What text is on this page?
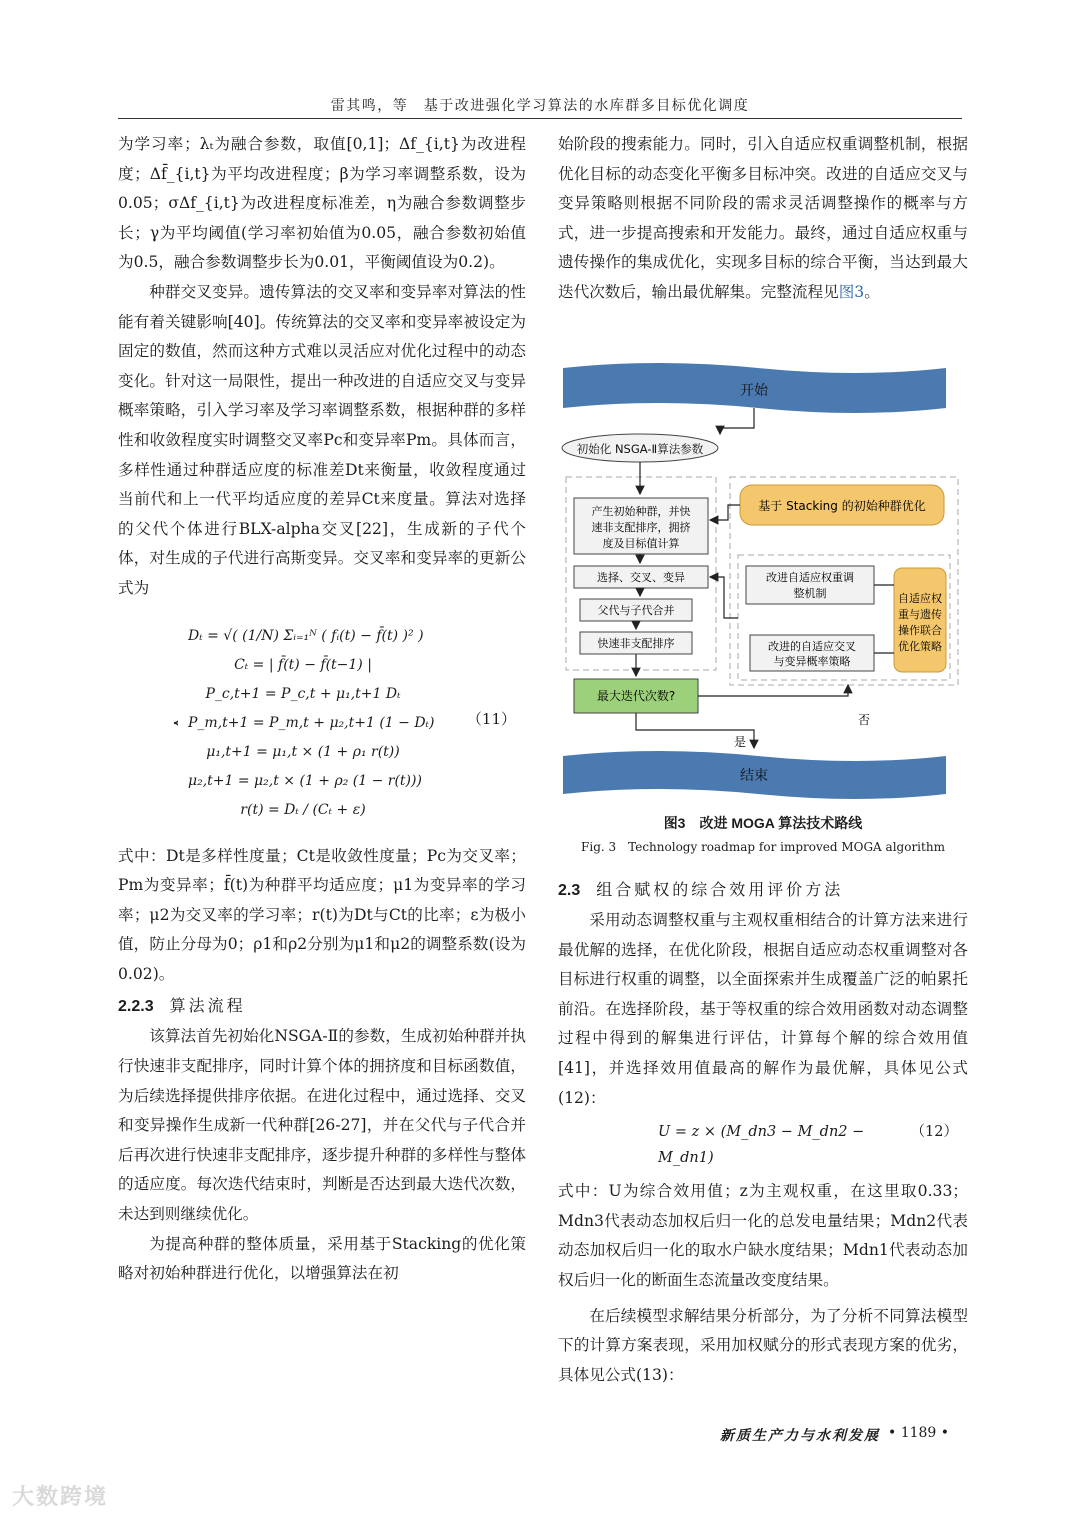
雷其鸣，等　基于改进强化学习算法的水库群多目标优化调度

为学习率；λₜ为融合参数，取值[0,1]；Δf_{i,t}为改进程度；Δf̄_{i,t}为平均改进程度；β为学习率调整系数，设为0.05；σΔf_{i,t}为改进程度标准差，η为融合参数调整步长；γ为平均阈值(学习率初始值为0.05，融合参数初始值为0.5，融合参数调整步长为0.01，平衡阈值设为0.2)。

种群交叉变异。遗传算法的交叉率和变异率对算法的性能有着关键影响[40]。传统算法的交叉率和变异率被设定为固定的数值，然而这种方式难以灵活应对优化过程中的动态变化。针对这一局限性，提出一种改进的自适应交叉与变异概率策略，引入学习率及学习率调整系数，根据种群的多样性和收敛程度实时调整交叉率Pc和变异率Pm。具体而言，多样性通过种群适应度的标准差Dt来衡量，收敛程度通过当前代和上一代平均适应度的差异Ct来度量。算法对选择的父代个体进行BLX-alpha交叉[22]，生成新的子代个体，对生成的子代进行高斯变异。交叉率和变异率的更新公式为

Dₜ = √( (1/N) Σᵢ₌₁ᴺ ( fᵢ(t) − f̄(t) )² )
Cₜ = | f̄(t) − f̄(t−1) |
P_c,t+1 = P_c,t + μ₁,t+1 Dₜ
P_m,t+1 = P_m,t + μ₂,t+1 (1 − Dₜ)
μ₁,t+1 = μ₁,t × (1 + ρ₁ r(t))
μ₂,t+1 = μ₂,t × (1 + ρ₂ (1 − r(t)))
r(t) = Dₜ / (Cₜ + ε)
（11）

式中：Dt是多样性度量；Ct是收敛性度量；Pc为交叉率；Pm为变异率；f̄(t)为种群平均适应度；μ1为变异率的学习率；μ2为交叉率的学习率；r(t)为Dt与Ct的比率；ε为极小值，防止分母为0；ρ1和ρ2分别为μ1和μ2的调整系数(设为0.02)。

2.2.3 算法流程

该算法首先初始化NSGA-Ⅱ的参数，生成初始种群并执行快速非支配排序，同时计算个体的拥挤度和目标函数值，为后续选择提供排序依据。在进化过程中，通过选择、交叉和变异操作生成新一代种群[26-27]，并在父代与子代合并后再次进行快速非支配排序，逐步提升种群的多样性与整体的适应度。每次迭代结束时，判断是否达到最大迭代次数，未达到则继续优化。

为提高种群的整体质量，采用基于Stacking的优化策略对初始种群进行优化，以增强算法在初

始阶段的搜索能力。同时，引入自适应权重调整机制，根据优化目标的动态变化平衡多目标冲突。改进的自适应交叉与变异策略则根据不同阶段的需求灵活调整操作的概率与方式，进一步提高搜索和开发能力。最终，通过自适应权重与遗传操作的集成优化，实现多目标的综合平衡，当达到最大迭代次数后，输出最优解集。完整流程见图3。

开始
初始化 NSGA-Ⅱ算法参数
产生初始种群，并快
速非支配排序，拥挤
度及目标值计算
选择、交叉、变异
父代与子代合并
快速非支配排序
最大迭代次数?
基于 Stacking 的初始种群优化
改进自适应权重调
整机制
改进的自适应交叉
与变异概率策略
自适应权
重与遗传
操作联合
优化策略
否
是
结束
图3　改进 MOGA 算法技术路线
Fig. 3　Technology roadmap for improved MOGA algorithm
2.3 组合赋权的综合效用评价方法

采用动态调整权重与主观权重相结合的计算方法来进行最优解的选择，在优化阶段，根据自适应动态权重调整对各目标进行权重的调整，以全面探索并生成覆盖广泛的帕累托前沿。在选择阶段，基于等权重的综合效用函数对动态调整过程中得到的解集进行评估，计算每个解的综合效用值[41]，并选择效用值最高的解作为最优解，具体见公式(12)：

U = z × (M_dn3 − M_dn2 − M_dn1)
（12）

式中：U为综合效用值；z为主观权重，在这里取0.33；Mdn3代表动态加权后归一化的总发电量结果；Mdn2代表动态加权后归一化的取水户缺水度结果；Mdn1代表动态加权后归一化的断面生态流量改变度结果。

在后续模型求解结果分析部分，为了分析不同算法模型下的计算方案表现，采用加权赋分的形式表现方案的优劣，具体见公式(13)：

新质生产力与水利发展 • 1189 •
大数跨境
